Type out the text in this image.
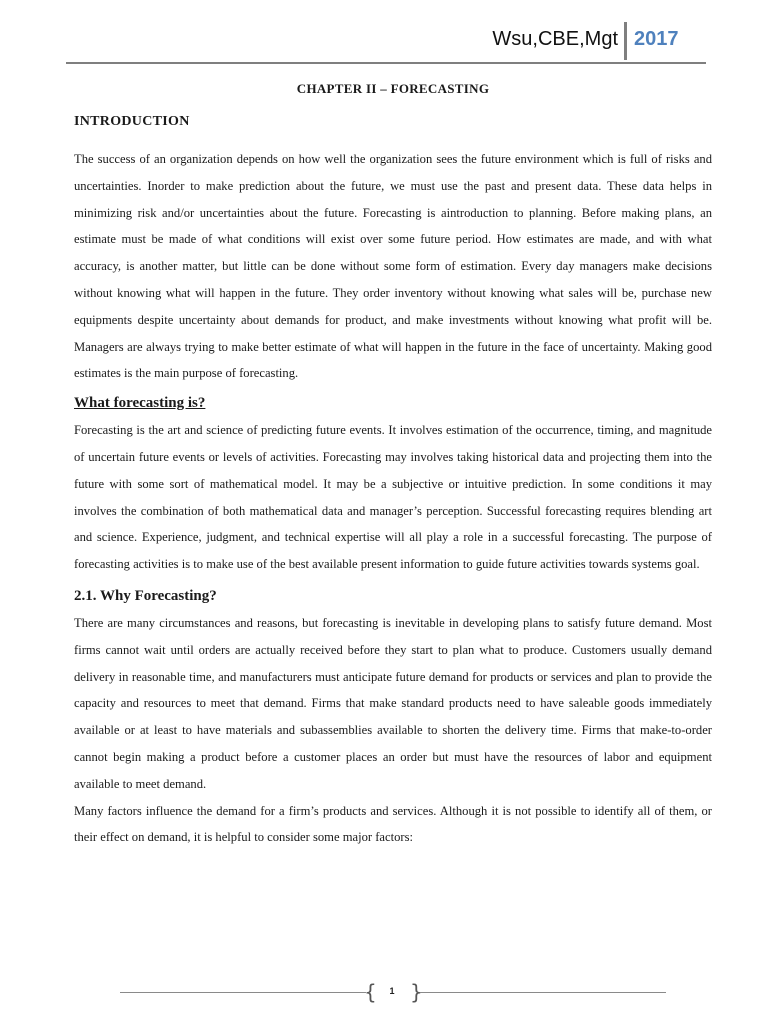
Wsu,CBE,Mgt 2017
CHAPTER II – FORECASTING
INTRODUCTION

The success of an organization depends on how well the organization sees the future environment which is full of risks and uncertainties. Inorder to make prediction about the future, we must use the past and present data. These data helps in minimizing risk and/or uncertainties about the future. Forecasting is aintroduction to planning. Before making plans, an estimate must be made of what conditions will exist over some future period. How estimates are made, and with what accuracy, is another matter, but little can be done without some form of estimation. Every day managers make decisions without knowing what will happen in the future. They order inventory without knowing what sales will be, purchase new equipments despite uncertainty about demands for product, and make investments without knowing what profit will be. Managers are always trying to make better estimate of what will happen in the future in the face of uncertainty. Making good estimates is the main purpose of forecasting.

What forecasting is?

Forecasting is the art and science of predicting future events. It involves estimation of the occurrence, timing, and magnitude of uncertain future events or levels of activities. Forecasting may involves taking historical data and projecting them into the future with some sort of mathematical model. It may be a subjective or intuitive prediction. In some conditions it may involves the combination of both mathematical data and manager’s perception. Successful forecasting requires blending art and science. Experience, judgment, and technical expertise will all play a role in a successful forecasting. The purpose of forecasting activities is to make use of the best available present information to guide future activities towards systems goal.

2.1. Why Forecasting?

There are many circumstances and reasons, but forecasting is inevitable in developing plans to satisfy future demand. Most firms cannot wait until orders are actually received before they start to plan what to produce. Customers usually demand delivery in reasonable time, and manufacturers must anticipate future demand for products or services and plan to provide the capacity and resources to meet that demand. Firms that make standard products need to have saleable goods immediately available or at least to have materials and subassemblies available to shorten the delivery time. Firms that make-to-order cannot begin making a product before a customer places an order but must have the resources of labor and equipment available to meet demand.

Many factors influence the demand for a firm’s products and services. Although it is not possible to identify all of them, or their effect on demand, it is helpful to consider some major factors:

{	1 }
